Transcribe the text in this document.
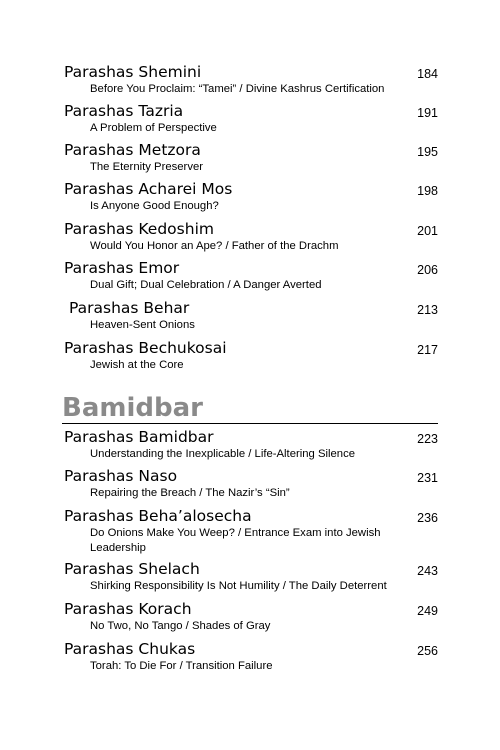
Parashas Shemini
Before You Proclaim: “Tamei” / Divine Kashrus Certification
184
Parashas Tazria
A Problem of Perspective
191
Parashas Metzora
The Eternity Preserver
195
Parashas Acharei Mos
Is Anyone Good Enough?
198
Parashas Kedoshim
Would You Honor an Ape? / Father of the Drachm
201
Parashas Emor
Dual Gift; Dual Celebration / A Danger Averted
206
Parashas Behar
Heaven-Sent Onions
213
Parashas Bechukosai
Jewish at the Core
217
Bamidbar
Parashas Bamidbar
Understanding the Inexplicable / Life-Altering Silence
223
Parashas Naso
Repairing the Breach / The Nazir’s “Sin”
231
Parashas Beha’alosecha
Do Onions Make You Weep? / Entrance Exam into Jewish Leadership
236
Parashas Shelach
Shirking Responsibility Is Not Humility / The Daily Deterrent
243
Parashas Korach
No Two, No Tango / Shades of Gray
249
Parashas Chukas
Torah: To Die For / Transition Failure
256
